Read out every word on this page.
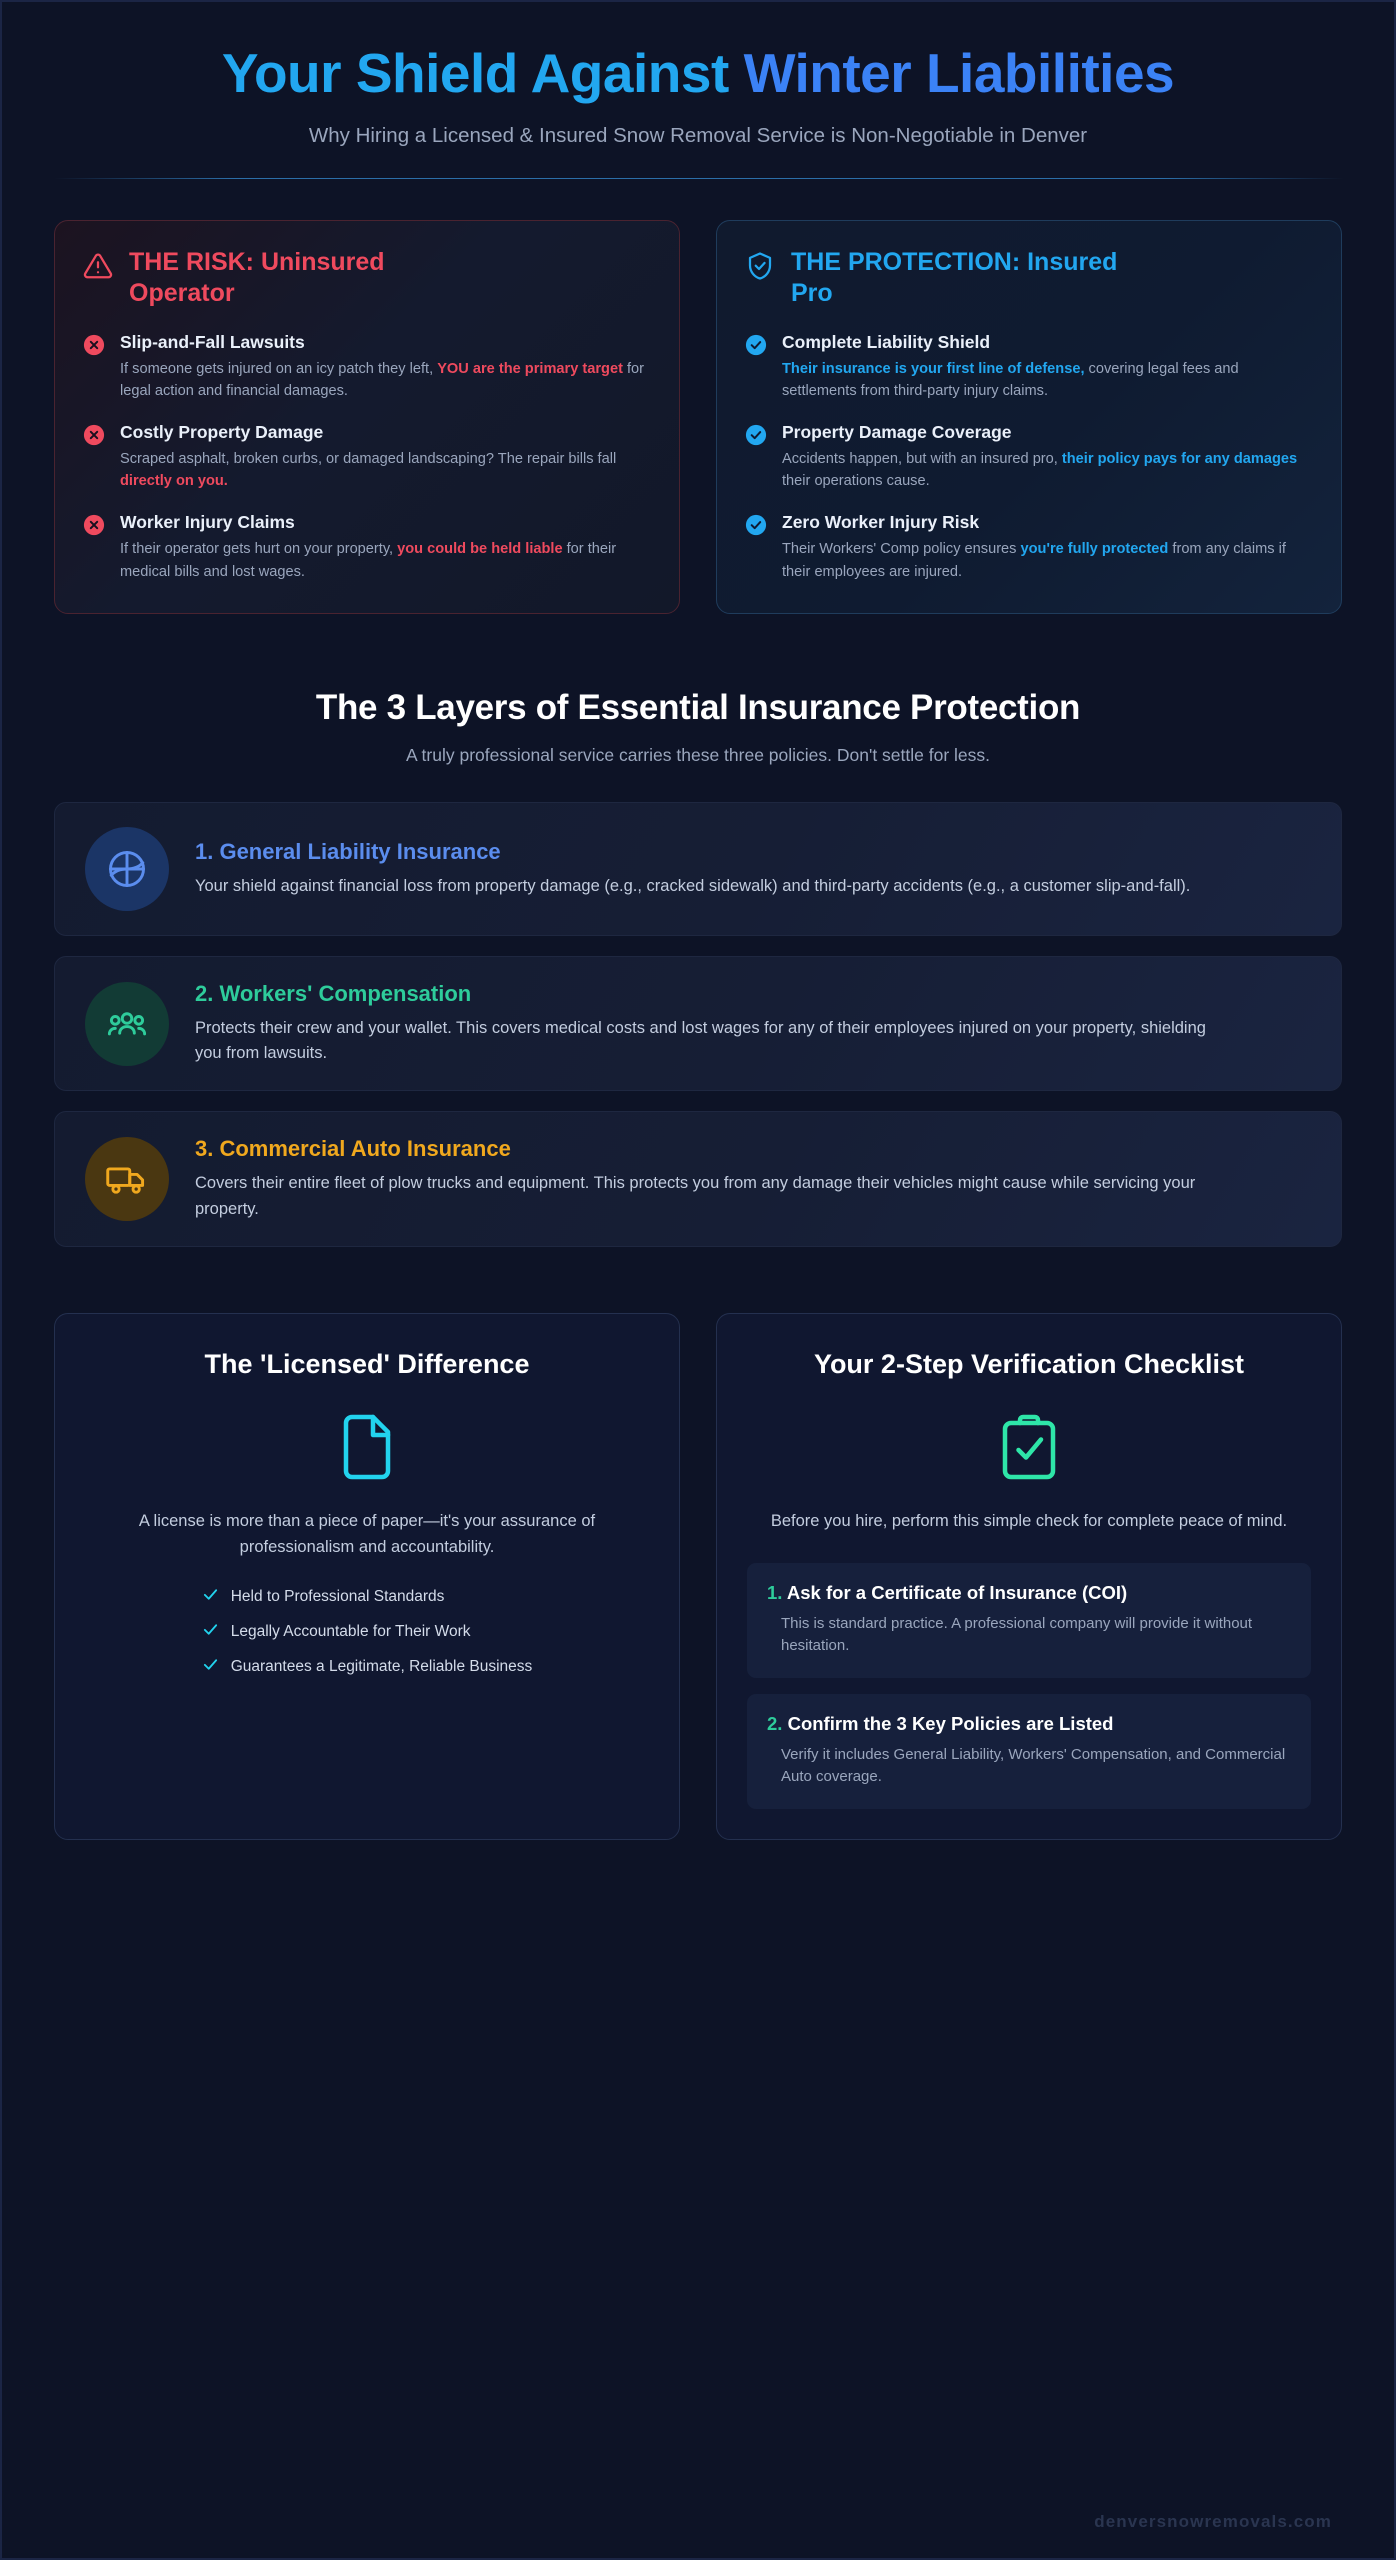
Your Shield Against Winter Liabilities
Why Hiring a Licensed & Insured Snow Removal Service is Non-Negotiable in Denver
THE RISK: Uninsured Operator
Slip-and-Fall Lawsuits
If someone gets injured on an icy patch they left, YOU are the primary target for legal action and financial damages.
Costly Property Damage
Scraped asphalt, broken curbs, or damaged landscaping? The repair bills fall directly on you.
Worker Injury Claims
If their operator gets hurt on your property, you could be held liable for their medical bills and lost wages.
THE PROTECTION: Insured Pro
Complete Liability Shield
Their insurance is your first line of defense, covering legal fees and settlements from third-party injury claims.
Property Damage Coverage
Accidents happen, but with an insured pro, their policy pays for any damages their operations cause.
Zero Worker Injury Risk
Their Workers' Comp policy ensures you're fully protected from any claims if their employees are injured.
The 3 Layers of Essential Insurance Protection
A truly professional service carries these three policies. Don't settle for less.
1. General Liability Insurance
Your shield against financial loss from property damage (e.g., cracked sidewalk) and third-party accidents (e.g., a customer slip-and-fall).
2. Workers' Compensation
Protects their crew and your wallet. This covers medical costs and lost wages for any of their employees injured on your property, shielding you from lawsuits.
3. Commercial Auto Insurance
Covers their entire fleet of plow trucks and equipment. This protects you from any damage their vehicles might cause while servicing your property.
The 'Licensed' Difference
A license is more than a piece of paper—it's your assurance of professionalism and accountability.
Held to Professional Standards
Legally Accountable for Their Work
Guarantees a Legitimate, Reliable Business
Your 2-Step Verification Checklist
Before you hire, perform this simple check for complete peace of mind.
1. Ask for a Certificate of Insurance (COI)
This is standard practice. A professional company will provide it without hesitation.
2. Confirm the 3 Key Policies are Listed
Verify it includes General Liability, Workers' Compensation, and Commercial Auto coverage.
denversnowremovals.com
